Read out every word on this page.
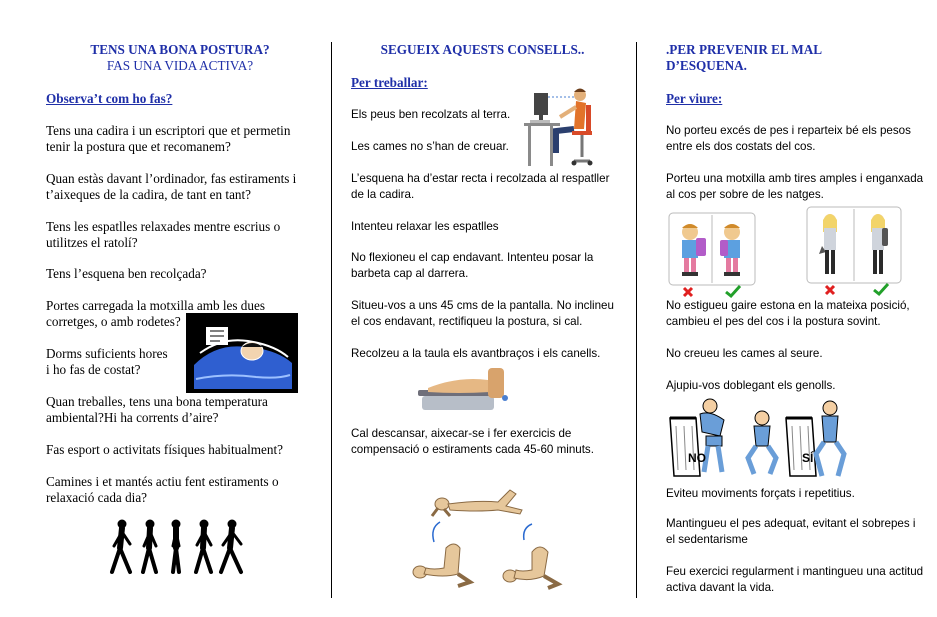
TENS UNA BONA POSTURA?
FAS UNA VIDA ACTIVA?
Observa’t com ho fas?
Tens una cadira i un escriptori que et permetin
tenir la postura que et recomanem?
Quan estàs davant l’ordinador, fas estiraments i
t’aixeques de la cadira, de tant en tant?
Tens les espatlles relaxades mentre escrius o
utilitzes el ratolí?
Tens l’esquena ben recolçada?
Portes carregada la motxilla amb les dues
corretges, o amb rodetes?
Dorms suficients hores
i ho fas de costat?
Quan treballes, tens una bona temperatura
ambiental?Hi ha corrents d’aire?
Fas esport o activitats físiques habitualment?
Camines i et mantés actiu fent estiraments o
relaxació cada dia?
SEGUEIX AQUESTS CONSELLS..
Per treballar:
Els peus ben recolzats al terra.
Les cames no s’han de creuar.
L’esquena ha d’estar recta i recolzada al respatller
de la cadira.
Intenteu relaxar les espatlles
No flexioneu el cap endavant. Intenteu posar la
barbeta cap al darrera.
Situeu-vos a uns 45 cms de la pantalla. No inclineu
el cos endavant, rectifiqueu la postura, si cal.
Recolzeu a la taula els avantbraços i els canells.
Cal descansar, aixecar-se i fer exercicis de
compensació o estiraments cada 45-60 minuts.
.PER PREVENIR EL MAL
D’ESQUENA.
Per viure:
No porteu excés de pes i reparteix bé els pesos
entre els dos costats del cos.
Porteu una motxilla amb tires amples i enganxada
al cos per sobre de les natges.
No estigueu gaire estona en la mateixa posició,
cambieu el pes del cos i la postura sovint.
No creueu les cames al seure.
Ajupiu-vos doblegant els genolls.
Eviteu moviments forçats i repetitius.
Mantingueu el pes adequat, evitant el sobrepes i
el sedentarisme
Feu exercici regularment i mantingueu una actitud
activa davant la vida.
NO	SÍ
